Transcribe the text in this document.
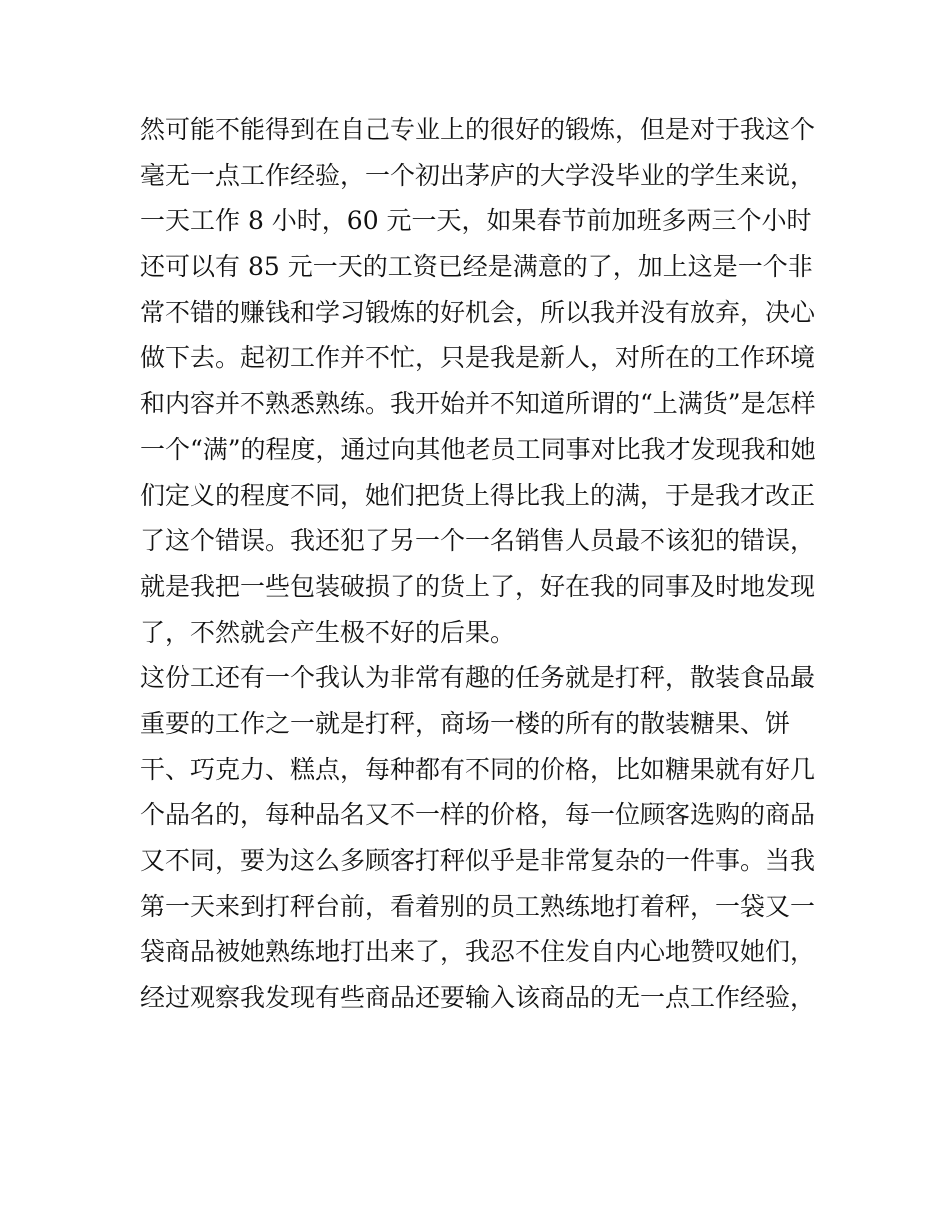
然可能不能得到在自己专业上的很好的锻炼，但是对于我这个
毫无一点工作经验，一个初出茅庐的大学没毕业的学生来说，
一天工作 8 小时，60 元一天，如果春节前加班多两三个小时
还可以有 85 元一天的工资已经是满意的了，加上这是一个非
常不错的赚钱和学习锻炼的好机会，所以我并没有放弃，决心
做下去。起初工作并不忙，只是我是新人，对所在的工作环境
和内容并不熟悉熟练。我开始并不知道所谓的“上满货”是怎样
一个“满”的程度，通过向其他老员工同事对比我才发现我和她
们定义的程度不同，她们把货上得比我上的满，于是我才改正
了这个错误。我还犯了另一个一名销售人员最不该犯的错误，
就是我把一些包装破损了的货上了，好在我的同事及时地发现
了，不然就会产生极不好的后果。
这份工还有一个我认为非常有趣的任务就是打秤，散装食品最
重要的工作之一就是打秤，商场一楼的所有的散装糖果、饼
干、巧克力、糕点，每种都有不同的价格，比如糖果就有好几
个品名的，每种品名又不一样的价格，每一位顾客选购的商品
又不同，要为这么多顾客打秤似乎是非常复杂的一件事。当我
第一天来到打秤台前，看着别的员工熟练地打着秤，一袋又一
袋商品被她熟练地打出来了，我忍不住发自内心地赞叹她们，
经过观察我发现有些商品还要输入该商品的无一点工作经验，
